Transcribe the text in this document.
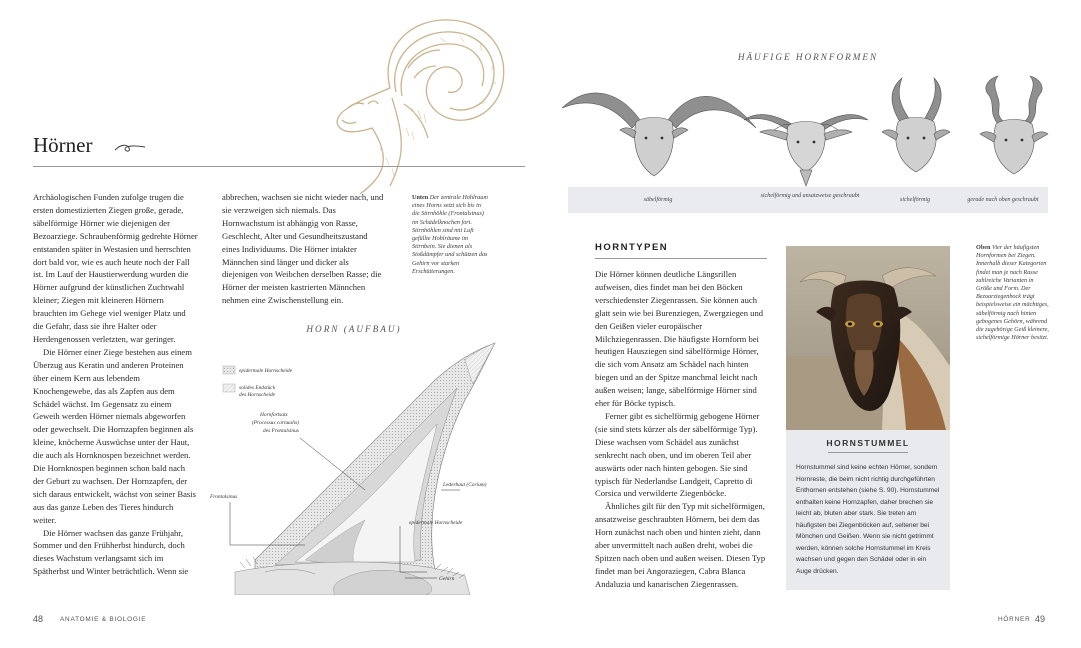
Hörner

Archäologischen Funden zufolge trugen die ersten domestizierten Ziegen große, gerade, säbelförmige Hörner wie diejenigen der Bezoarziege. Schraubenförmig gedrehte Hörner entstanden später in Westasien und herrschten dort bald vor, wie es auch heute noch der Fall ist. Im Lauf der Haustierwerdung wurden die Hörner aufgrund der künstlichen Zuchtwahl kleiner; Ziegen mit kleineren Hörnern brauchten im Gehege viel weniger Platz und die Gefahr, dass sie ihre Halter oder Herdengenossen verletzten, war geringer.

Die Hörner einer Ziege bestehen aus einem Überzug aus Keratin und anderen Proteinen über einem Kern aus lebendem Knochengewebe, das als Zapfen aus dem Schädel wächst. Im Gegensatz zu einem Geweih werden Hörner niemals abgeworfen oder gewechselt. Die Hornzapfen beginnen als kleine, knöcherne Auswüchse unter der Haut, die auch als Hornknospen bezeichnet werden. Die Hornknospen beginnen schon bald nach der Geburt zu wachsen. Der Hornzapfen, der sich daraus entwickelt, wächst von seiner Basis aus das ganze Leben des Tieres hindurch weiter.

Die Hörner wachsen das ganze Frühjahr, Sommer und den Frühherbst hindurch, doch dieses Wachstum verlangsamt sich im Spätherbst und Winter beträchtlich. Wenn sie

abbrechen, wachsen sie nicht wieder nach, und sie verzweigen sich niemals. Das Hornwachstum ist abhängig von Rasse, Geschlecht, Alter und Gesundheitszustand eines Individuums. Die Hörner intakter Männchen sind länger und dicker als diejenigen von Weibchen derselben Rasse; die Hörner der meisten kastrierten Männchen nehmen eine Zwischenstellung ein.

Unten Der zentrale Hohlraum eines Horns setzt sich bis in die Stirnhöhle (Frontalsinus) im Schädelknochen fort. Stirnhöhlen sind mit Luft gefüllte Hohlräume im Stirnbein. Sie dienen als Stoßdämpfer und schützen das Gehirn vor starken Erschütterungen.
HORN (AUFBAU)
epidermale Hornscheide
solides Endstück
des Hornscheide
Hornfortsatz
(Processus cornualis)
des Frontalsinus
Frontalsinus
Lederhaut (Corium)
epidermale Hornscheide
Gehirn
48	ANATOMIE & BIOLOGIE
HÄUFIGE HORNFORMEN
säbelförmig
sichelförmig und ansatzweise geschraubt
sichelförmig	gerade nach oben geschraubt
HORNTYPEN

Die Hörner können deutliche Längsrillen aufweisen, dies findet man bei den Böcken verschiedenster Ziegenrassen. Sie können auch glatt sein wie bei Burenziegen, Zwergziegen und den Geißen vieler europäischer Milchziegenrassen. Die häufigste Hornform bei heutigen Hausziegen sind säbelförmige Hörner, die sich vom Ansatz am Schädel nach hinten biegen und an der Spitze manchmal leicht nach außen weisen; lange, säbelförmige Hörner sind eher für Böcke typisch.

Ferner gibt es sichelförmig gebogene Hörner (sie sind stets kürzer als der säbelförmige Typ). Diese wachsen vom Schädel aus zunächst senkrecht nach oben, und im oberen Teil aber auswärts oder nach hinten gebogen. Sie sind typisch für Nederlandse Landgeit, Capretto di Corsica und verwilderte Ziegenböcke.

Ähnliches gilt für den Typ mit sichelförmigen, ansatzweise geschraubten Hörnern, bei dem das Horn zunächst nach oben und hinten zieht, dann aber unvermittelt nach außen dreht, wobei die Spitzen nach oben und außen weisen. Diesen Typ findet man bei Angoraziegen, Cabra Blanca Andaluzia und kanarischen Ziegenrassen.

HORNSTUMMEL
Hornstummel sind keine echten Hörner, sondern Hornreste, die beim nicht richtig durchgeführten Enthornen entstehen (siehe S. 90). Hornstummel enthalten keine Hornzapfen, daher brechen sie leicht ab, bluten aber stark. Sie treten am häufigsten bei Ziegenböcken auf, seltener bei Mönchen und Geißen. Wenn sie nicht getrimmt werden, können solche Hornstummel im Kreis wachsen und gegen den Schädel oder in ein Auge drücken.
Oben Vier der häufigsten Hornformen bei Ziegen. Innerhalb dieser Kategorien findet man je nach Rasse zahlreiche Varianten in Größe und Form. Der Bezoarziegenbock trägt beispielsweise ein mächtiges, säbelförmig nach hinten gebogenes Gehörn, während die zugehörige Geiß kleinere, sichelförmige Hörner besitzt.
HÖRNER 49
